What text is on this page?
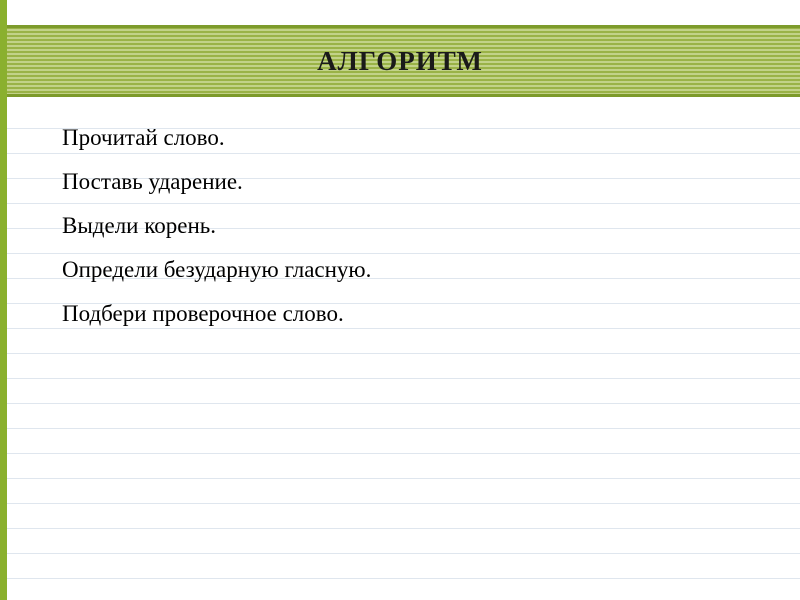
АЛГОРИТМ
Прочитай слово.
Поставь ударение.
Выдели корень.
Определи безударную гласную.
Подбери проверочное слово.
